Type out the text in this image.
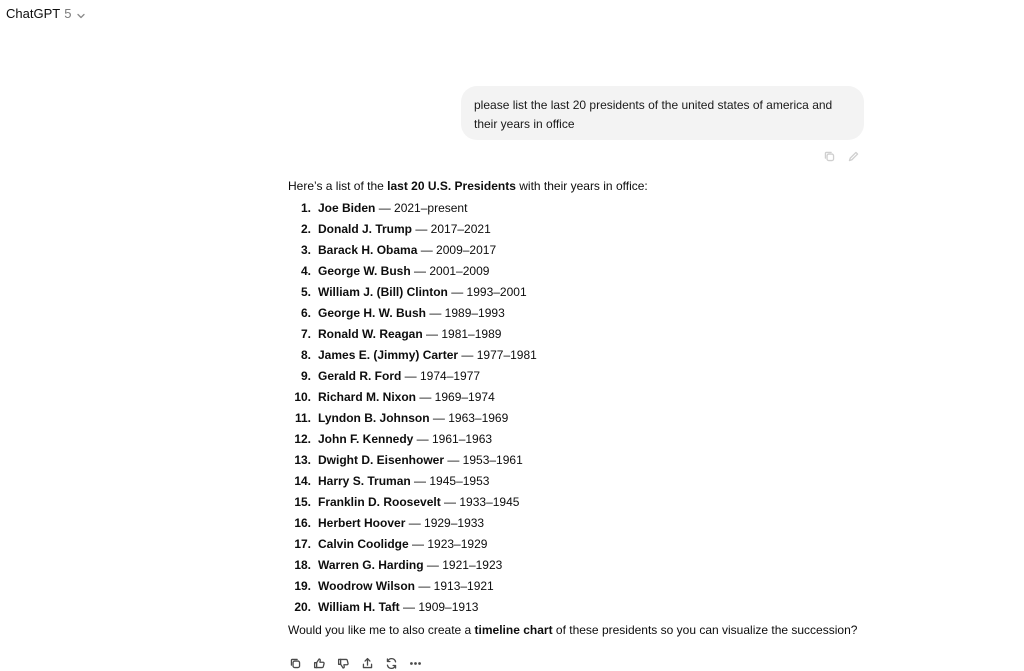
ChatGPT 5
please list the last 20 presidents of the united states of america and
their years in office

Here’s a list of the last 20 U.S. Presidents with their years in office:

1. Joe Biden — 2021–present
2. Donald J. Trump — 2017–2021
3. Barack H. Obama — 2009–2017
4. George W. Bush — 2001–2009
5. William J. (Bill) Clinton — 1993–2001
6. George H. W. Bush — 1989–1993
7. Ronald W. Reagan — 1981–1989
8. James E. (Jimmy) Carter — 1977–1981
9. Gerald R. Ford — 1974–1977
10. Richard M. Nixon — 1969–1974
11. Lyndon B. Johnson — 1963–1969
12. John F. Kennedy — 1961–1963
13. Dwight D. Eisenhower — 1953–1961
14. Harry S. Truman — 1945–1953
15. Franklin D. Roosevelt — 1933–1945
16. Herbert Hoover — 1929–1933
17. Calvin Coolidge — 1923–1929
18. Warren G. Harding — 1921–1923
19. Woodrow Wilson — 1913–1921
20. William H. Taft — 1909–1913

Would you like me to also create a timeline chart of these presidents so you can visualize the succession?
